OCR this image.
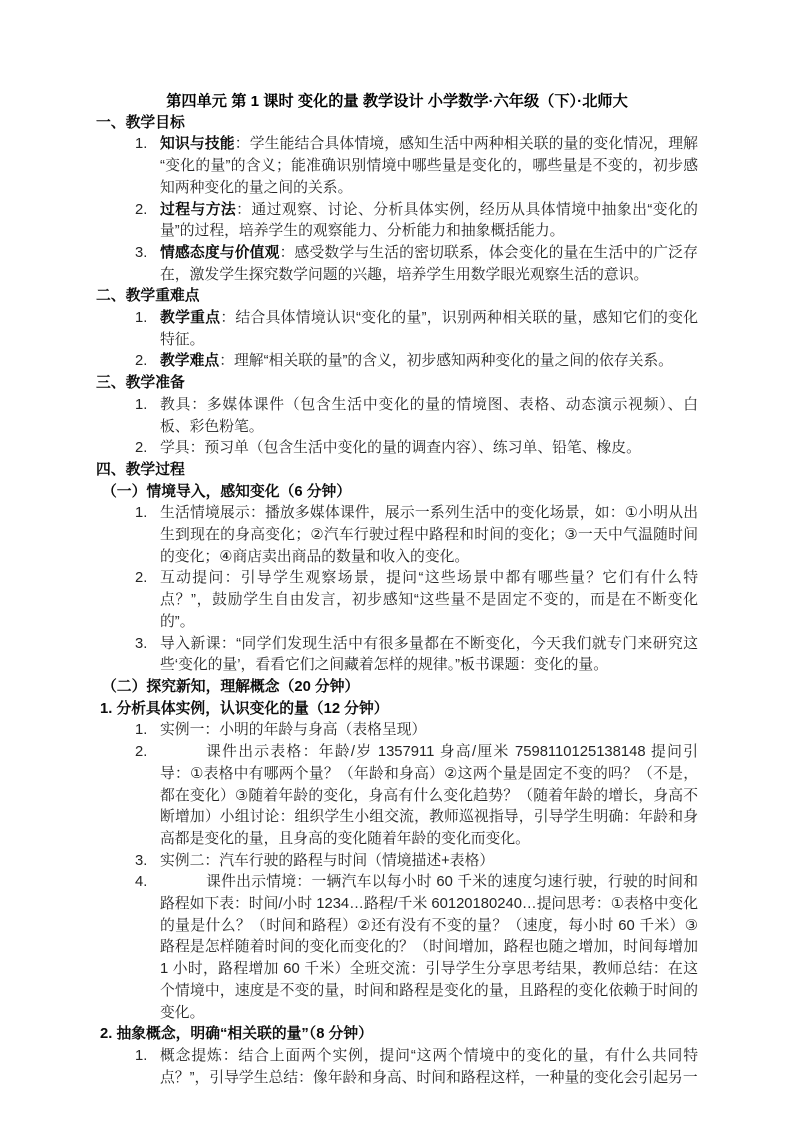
第四单元 第 1 课时 变化的量 教学设计 小学数学·六年级（下）·北师大
一、教学目标
1. 知识与技能：学生能结合具体情境，感知生活中两种相关联的量的变化情况，理解“变化的量”的含义；能准确识别情境中哪些量是变化的，哪些量是不变的，初步感知两种变化的量之间的关系。
2. 过程与方法：通过观察、讨论、分析具体实例，经历从具体情境中抽象出“变化的量”的过程，培养学生的观察能力、分析能力和抽象概括能力。
3. 情感态度与价值观：感受数学与生活的密切联系，体会变化的量在生活中的广泛存在，激发学生探究数学问题的兴趣，培养学生用数学眼光观察生活的意识。
二、教学重难点
1. 教学重点：结合具体情境认识“变化的量”，识别两种相关联的量，感知它们的变化特征。
2. 教学难点：理解“相关联的量”的含义，初步感知两种变化的量之间的依存关系。
三、教学准备
1. 教具：多媒体课件（包含生活中变化的量的情境图、表格、动态演示视频）、白板、彩色粉笔。
2. 学具：预习单（包含生活中变化的量的调查内容）、练习单、铅笔、橡皮。
四、教学过程
（一）情境导入，感知变化（6 分钟）
1. 生活情境展示：播放多媒体课件，展示一系列生活中的变化场景，如：①小明从出生到现在的身高变化；②汽车行驶过程中路程和时间的变化；③一天中气温随时间的变化；④商店卖出商品的数量和收入的变化。
2. 互动提问：引导学生观察场景，提问“这些场景中都有哪些量？它们有什么特点？”，鼓励学生自由发言，初步感知“这些量不是固定不变的，而是在不断变化的”。
3. 导入新课：“同学们发现生活中有很多量都在不断变化，今天我们就专门来研究这些‘变化的量’，看看它们之间藏着怎样的规律。”板书课题：变化的量。
（二）探究新知，理解概念（20 分钟）
1. 分析具体实例，认识变化的量（12 分钟）
1. 实例一：小明的年龄与身高（表格呈现）
2.	课件出示表格：年龄/岁 1357911 身高/厘米 7598110125138148 提问引导：①表格中有哪两个量？（年龄和身高）②这两个量是固定不变的吗？（不是，都在变化）③随着年龄的变化，身高有什么变化趋势？（随着年龄的增长，身高不断增加）小组讨论：组织学生小组交流，教师巡视指导，引导学生明确：年龄和身高都是变化的量，且身高的变化随着年龄的变化而变化。
3. 实例二：汽车行驶的路程与时间（情境描述+表格）
4.	课件出示情境：一辆汽车以每小时 60 千米的速度匀速行驶，行驶的时间和路程如下表：时间/小时 1234…路程/千米 60120180240…提问思考：①表格中变化的量是什么？（时间和路程）②还有没有不变的量？（速度，每小时 60 千米）③路程是怎样随着时间的变化而变化的？（时间增加，路程也随之增加，时间每增加 1 小时，路程增加 60 千米）全班交流：引导学生分享思考结果，教师总结：在这个情境中，速度是不变的量，时间和路程是变化的量，且路程的变化依赖于时间的变化。
2. 抽象概念，明确“相关联的量”（8 分钟）
1. 概念提炼：结合上面两个实例，提问“这两个情境中的变化的量，有什么共同特点？”，引导学生总结：像年龄和身高、时间和路程这样，一种量的变化会引起另一
